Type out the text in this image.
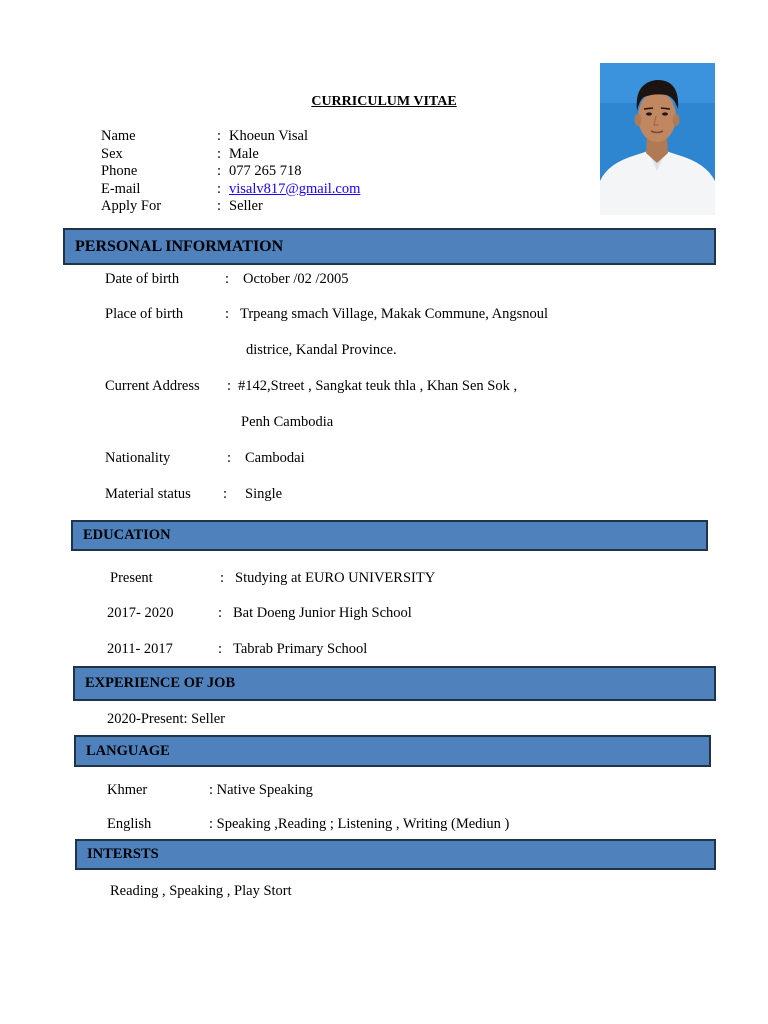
CURRICULUM VITAE
Name	: Khoeun Visal
Sex	: Male
Phone	: 077 265 718
E-mail	: visalv817@gmail.com
Apply For	: Seller
PERSONAL INFORMATION
Date of birth	: October /02 /2005
Place of birth	: Trpeang smach Village, Makak Commune, Angsnoul
districe, Kandal Province.
Current Address : #142,Street , Sangkat teuk thla , Khan Sen Sok ,
Penh Cambodia
Nationality	: Cambodai
Material status : Single
EDUCATION
Present	: Studying at EURO UNIVERSITY
2017- 2020	: Bat Doeng Junior High School
2011- 2017	: Tabrab Primary School
EXPERIENCE OF JOB
2020-Present: Seller
LANGUAGE
Khmer	: Native Speaking
English	: Speaking ,Reading ; Listening , Writing (Mediun )
INTERSTS
Reading , Speaking , Play Stort
